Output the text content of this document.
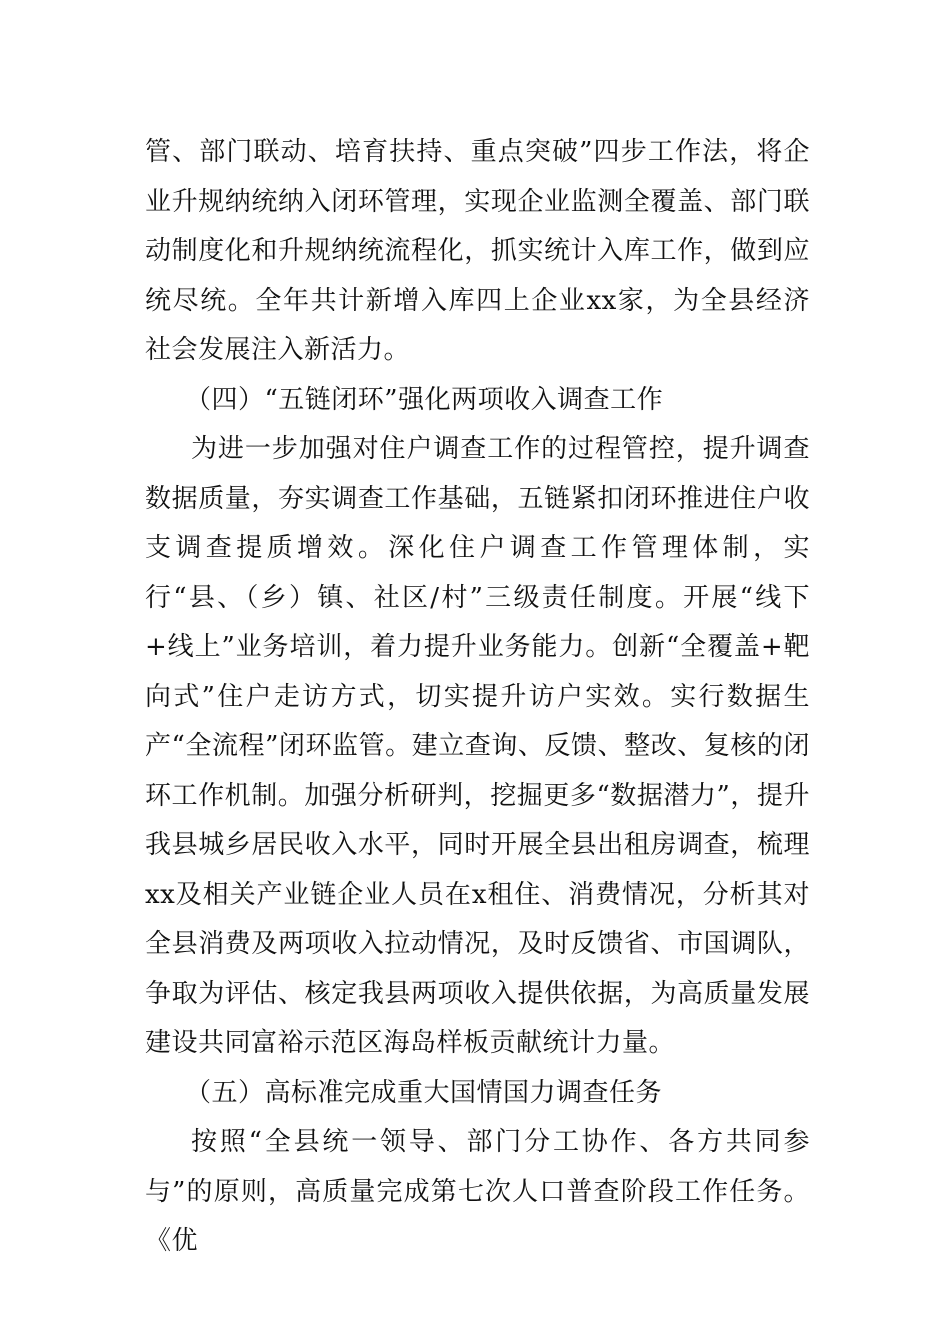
管、部门联动、培育扶持、重点突破”四步工作法，将企业升规纳统纳入闭环管理，实现企业监测全覆盖、部门联动制度化和升规纳统流程化，抓实统计入库工作，做到应统尽统。全年共计新增入库四上企业xx家，为全县经济社会发展注入新活力。

（四）“五链闭环”强化两项收入调查工作

为进一步加强对住户调查工作的过程管控，提升调查数据质量，夯实调查工作基础，五链紧扣闭环推进住户收支调查提质增效。深化住户调查工作管理体制，实行“县、（乡）镇、社区/村”三级责任制度。开展“线下+线上”业务培训，着力提升业务能力。创新“全覆盖+靶向式”住户走访方式，切实提升访户实效。实行数据生产“全流程”闭环监管。建立查询、反馈、整改、复核的闭环工作机制。加强分析研判，挖掘更多“数据潜力”，提升我县城乡居民收入水平，同时开展全县出租房调查，梳理xx及相关产业链企业人员在x租住、消费情况，分析其对全县消费及两项收入拉动情况，及时反馈省、市国调队，争取为评估、核定我县两项收入提供依据，为高质量发展建设共同富裕示范区海岛样板贡献统计力量。

（五）高标准完成重大国情国力调查任务

按照“全县统一领导、部门分工协作、各方共同参与”的原则，高质量完成第七次人口普查阶段工作任务。《优
